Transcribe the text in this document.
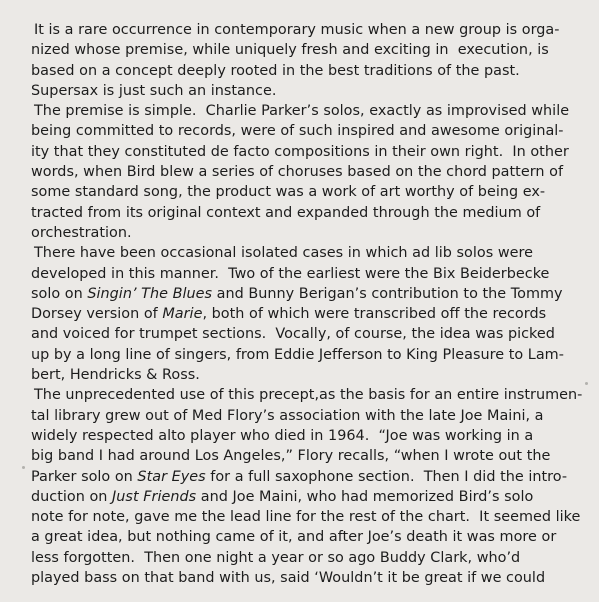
It is a rare occurrence in contemporary music when a new group is orga-
nized whose premise, while uniquely fresh and exciting in  execution, is
based on a concept deeply rooted in the best traditions of the past.
Supersax is just such an instance.
The premise is simple.  Charlie Parker’s solos, exactly as improvised while
being committed to records, were of such inspired and awesome original-
ity that they constituted de facto compositions in their own right.  In other
words, when Bird blew a series of choruses based on the chord pattern of
some standard song, the product was a work of art worthy of being ex-
tracted from its original context and expanded through the medium of
orchestration.
There have been occasional isolated cases in which ad lib solos were
developed in this manner.  Two of the earliest were the Bix Beiderbecke
solo on Singin’ The Blues and Bunny Berigan’s contribution to the Tommy
Dorsey version of Marie, both of which were transcribed off the records
and voiced for trumpet sections.  Vocally, of course, the idea was picked
up by a long line of singers, from Eddie Jefferson to King Pleasure to Lam-
bert, Hendricks & Ross.
The unprecedented use of this precept,as the basis for an entire instrumen-
tal library grew out of Med Flory’s association with the late Joe Maini, a
widely respected alto player who died in 1964.  “Joe was working in a
big band I had around Los Angeles,” Flory recalls, “when I wrote out the
Parker solo on Star Eyes for a full saxophone section.  Then I did the intro-
duction on Just Friends and Joe Maini, who had memorized Bird’s solo
note for note, gave me the lead line for the rest of the chart.  It seemed like
a great idea, but nothing came of it, and after Joe’s death it was more or
less forgotten.  Then one night a year or so ago Buddy Clark, who’d
played bass on that band with us, said ‘Wouldn’t it be great if we could
